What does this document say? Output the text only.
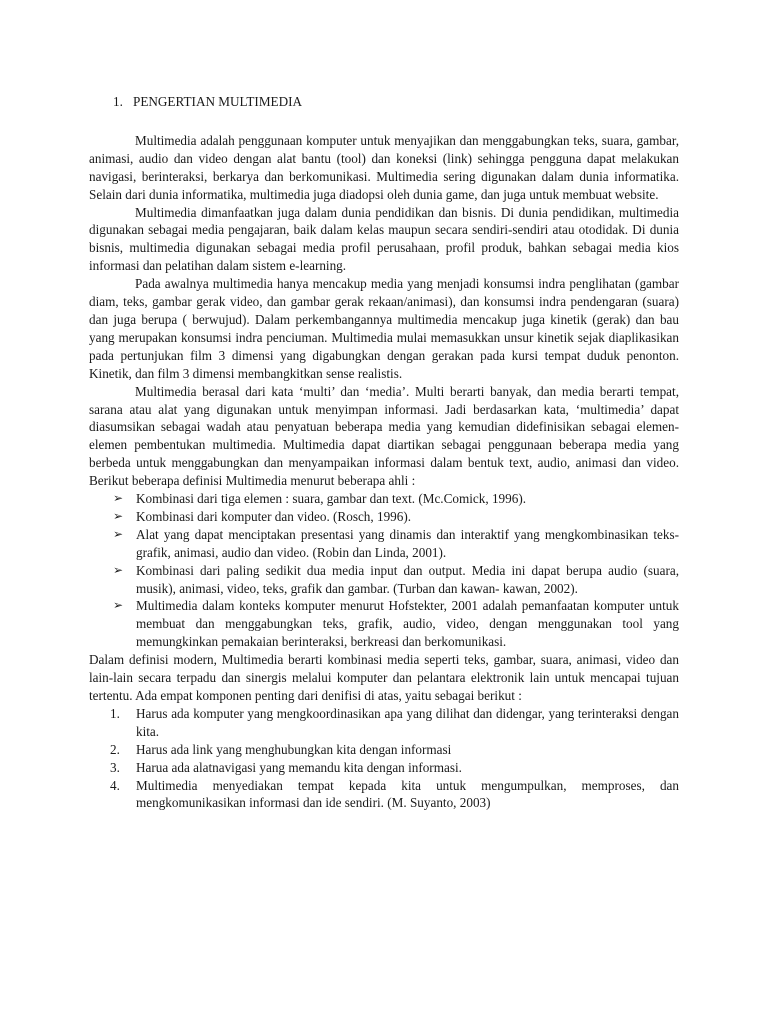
1. PENGERTIAN MULTIMEDIA

Multimedia adalah penggunaan komputer untuk menyajikan dan menggabungkan teks, suara, gambar, animasi, audio dan video dengan alat bantu (tool) dan koneksi (link) sehingga pengguna dapat melakukan navigasi, berinteraksi, berkarya dan berkomunikasi. Multimedia sering digunakan dalam dunia informatika. Selain dari dunia informatika, multimedia juga diadopsi oleh dunia game, dan juga untuk membuat website.

Multimedia dimanfaatkan juga dalam dunia pendidikan dan bisnis. Di dunia pendidikan, multimedia digunakan sebagai media pengajaran, baik dalam kelas maupun secara sendiri-sendiri atau otodidak. Di dunia bisnis, multimedia digunakan sebagai media profil perusahaan, profil produk, bahkan sebagai media kios informasi dan pelatihan dalam sistem e-learning.

Pada awalnya multimedia hanya mencakup media yang menjadi konsumsi indra penglihatan (gambar diam, teks, gambar gerak video, dan gambar gerak rekaan/animasi), dan konsumsi indra pendengaran (suara) dan juga berupa ( berwujud). Dalam perkembangannya multimedia mencakup juga kinetik (gerak) dan bau yang merupakan konsumsi indra penciuman. Multimedia mulai memasukkan unsur kinetik sejak diaplikasikan pada pertunjukan film 3 dimensi yang digabungkan dengan gerakan pada kursi tempat duduk penonton. Kinetik, dan film 3 dimensi membangkitkan sense realistis.

Multimedia berasal dari kata ‘multi’ dan ‘media’. Multi berarti banyak, dan media berarti tempat, sarana atau alat yang digunakan untuk menyimpan informasi. Jadi berdasarkan kata, ‘multimedia’ dapat diasumsikan sebagai wadah atau penyatuan beberapa media yang kemudian didefinisikan sebagai elemen-elemen pembentukan multimedia. Multimedia dapat diartikan sebagai penggunaan beberapa media yang berbeda untuk menggabungkan dan menyampaikan informasi dalam bentuk text, audio, animasi dan video. Berikut beberapa definisi Multimedia menurut beberapa ahli :

➢ Kombinasi dari tiga elemen : suara, gambar dan text. (Mc.Comick, 1996).
➢ Kombinasi dari komputer dan video. (Rosch, 1996).
➢ Alat yang dapat menciptakan presentasi yang dinamis dan interaktif yang mengkombinasikan teks-grafik, animasi, audio dan video. (Robin dan Linda, 2001).
➢ Kombinasi dari paling sedikit dua media input dan output. Media ini dapat berupa audio (suara, musik), animasi, video, teks, grafik dan gambar. (Turban dan kawan- kawan, 2002).
➢ Multimedia dalam konteks komputer menurut Hofstekter, 2001 adalah pemanfaatan komputer untuk membuat dan menggabungkan teks, grafik, audio, video, dengan menggunakan tool yang memungkinkan pemakaian berinteraksi, berkreasi dan berkomunikasi.

Dalam definisi modern, Multimedia berarti kombinasi media seperti teks, gambar, suara, animasi, video dan lain-lain secara terpadu dan sinergis melalui komputer dan pelantara elektronik lain untuk mencapai tujuan tertentu. Ada empat komponen penting dari denifisi di atas, yaitu sebagai berikut :

1. Harus ada komputer yang mengkoordinasikan apa yang dilihat dan didengar, yang terinteraksi dengan kita.
2. Harus ada link yang menghubungkan kita dengan informasi
3. Harua ada alatnavigasi yang memandu kita dengan informasi.
4. Multimedia menyediakan tempat kepada kita untuk mengumpulkan, memproses, dan mengkomunikasikan informasi dan ide sendiri. (M. Suyanto, 2003)
